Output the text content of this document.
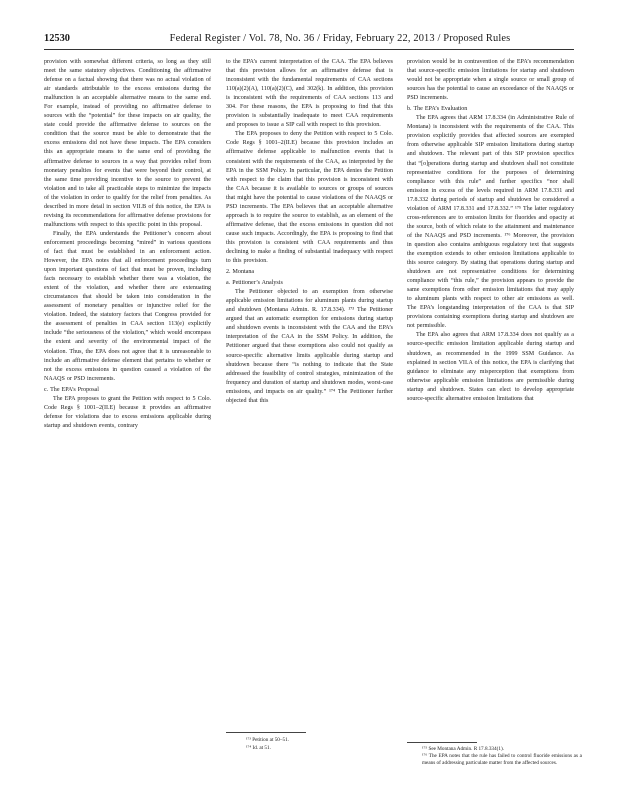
12530	Federal Register / Vol. 78, No. 36 / Friday, February 22, 2013 / Proposed Rules

provision with somewhat different criteria, so long as they still meet the same statutory objectives. Conditioning the affirmative defense on a factual showing that there was no actual violation of air standards attributable to the excess emissions during the malfunction is an acceptable alternative means to the same end. For example, instead of providing no affirmative defense to sources with the “potential” for these impacts on air quality, the state could provide the affirmative defense to sources on the condition that the source must be able to demonstrate that the excess emissions did not have these impacts. The EPA considers this an appropriate means to the same end of providing the affirmative defense to sources in a way that provides relief from monetary penalties for events that were beyond their control, at the same time providing incentive to the source to prevent the violation and to take all practicable steps to minimize the impacts of the violation in order to qualify for the relief from penalties. As described in more detail in section VII.B of this notice, the EPA is revising its recommendations for affirmative defense provisions for malfunctions with respect to this specific point in this proposal.

Finally, the EPA understands the Petitioner’s concern about enforcement proceedings becoming “mired” in various questions of fact that must be established in an enforcement action. However, the EPA notes that all enforcement proceedings turn upon important questions of fact that must be proven, including facts necessary to establish whether there was a violation, the extent of the violation, and whether there are extenuating circumstances that should be taken into consideration in the assessment of monetary penalties or injunctive relief for the violation. Indeed, the statutory factors that Congress provided for the assessment of penalties in CAA section 113(e) explicitly include “the seriousness of the violation,” which would encompass the extent and severity of the environmental impact of the violation. Thus, the EPA does not agree that it is unreasonable to include an affirmative defense element that pertains to whether or not the excess emissions in question caused a violation of the NAAQS or PSD increments.

c. The EPA’s Proposal

The EPA proposes to grant the Petition with respect to 5 Colo. Code Regs § 1001–2(II.E) because it provides an affirmative defense for violations due to excess emissions applicable during startup and shutdown events, contrary

to the EPA’s current interpretation of the CAA. The EPA believes that this provision allows for an affirmative defense that is inconsistent with the fundamental requirements of CAA sections 110(a)(2)(A), 110(a)(2)(C), and 302(k). In addition, this provision is inconsistent with the requirements of CAA sections 113 and 304. For these reasons, the EPA is proposing to find that this provision is substantially inadequate to meet CAA requirements and proposes to issue a SIP call with respect to this provision.

The EPA proposes to deny the Petition with respect to 5 Colo. Code Regs § 1001–2(II.E) because this provision includes an affirmative defense applicable to malfunction events that is consistent with the requirements of the CAA, as interpreted by the EPA in the SSM Policy. In particular, the EPA denies the Petition with respect to the claim that this provision is inconsistent with the CAA because it is available to sources or groups of sources that might have the potential to cause violations of the NAAQS or PSD increments. The EPA believes that an acceptable alternative approach is to require the source to establish, as an element of the affirmative defense, that the excess emissions in question did not cause such impacts. Accordingly, the EPA is proposing to find that this provision is consistent with CAA requirements and thus declining to make a finding of substantial inadequacy with respect to this provision.

2. Montana

a. Petitioner’s Analysis

The Petitioner objected to an exemption from otherwise applicable emission limitations for aluminum plants during startup and shutdown (Montana Admin. R. 17.8.334). ¹⁷³ The Petitioner argued that an automatic exemption for emissions during startup and shutdown events is inconsistent with the CAA and the EPA’s interpretation of the CAA in the SSM Policy. In addition, the Petitioner argued that these exemptions also could not qualify as source-specific alternative limits applicable during startup and shutdown because there “is nothing to indicate that the State addressed the feasibility of control strategies, minimization of the frequency and duration of startup and shutdown modes, worst-case emissions, and impacts on air quality.” ¹⁷⁴ The Petitioner further objected that this

provision would be in contravention of the EPA’s recommendation that source-specific emission limitations for startup and shutdown would not be appropriate when a single source or small group of sources has the potential to cause an exceedance of the NAAQS or PSD increments.

b. The EPA’s Evaluation

The EPA agrees that ARM 17.8.334 (in Administrative Rule of Montana) is inconsistent with the requirements of the CAA. This provision explicitly provides that affected sources are exempted from otherwise applicable SIP emission limitations during startup and shutdown. The relevant part of this SIP provision specifics that “[o]perations during startup and shutdown shall not constitute representative conditions for the purposes of determining compliance with this rule” and further specifics “nor shall emission in excess of the levels required in ARM 17.8.331 and 17.8.332 during periods of startup and shutdown be considered a violation of ARM 17.8.331 and 17.8.332.” ¹⁷⁵ The latter regulatory cross-references are to emission limits for fluorides and opacity at the source, both of which relate to the attainment and maintenance of the NAAQS and PSD increments. ¹⁷⁶ Moreover, the provision in question also contains ambiguous regulatory text that suggests the exemption extends to other emission limitations applicable to this source category. By stating that operations during startup and shutdown are not representative conditions for determining compliance with “this rule,” the provision appears to provide the same exemptions from other emission limitations that may apply to aluminum plants with respect to other air emissions as well. The EPA’s longstanding interpretation of the CAA is that SIP provisions containing exemptions during startup and shutdown are not permissible.

The EPA also agrees that ARM 17.8.334 does not qualify as a source-specific emission limitation applicable during startup and shutdown, as recommended in the 1999 SSM Guidance. As explained in section VII.A of this notice, the EPA is clarifying that guidance to eliminate any misperception that exemptions from otherwise applicable emission limitations are permissible during startup and shutdown. States can elect to develop appropriate source-specific alternative emission limitations that

¹⁷³ Petition at 50–51.
¹⁷⁴ Id. at 51.	¹⁷⁵ See Montana Admin. R 17.8.334(1).
¹⁷⁶ The EPA notes that the rule has failed to control fluoride emissions as a means of addressing particulate matter from the affected sources.
